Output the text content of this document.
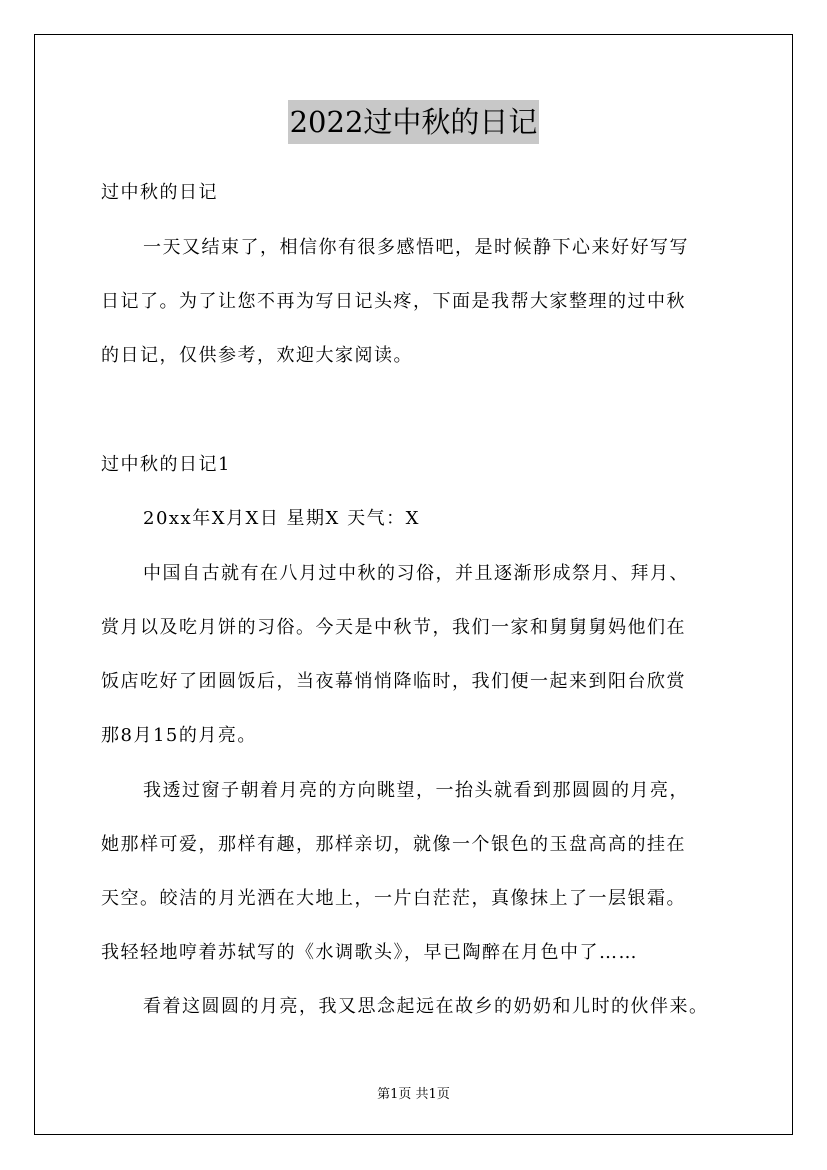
2022过中秋的日记

过中秋的日记

一天又结束了，相信你有很多感悟吧，是时候静下心来好好写写

日记了。为了让您不再为写日记头疼，下面是我帮大家整理的过中秋

的日记，仅供参考，欢迎大家阅读。

过中秋的日记1

20xx年X月X日 星期X 天气：X

中国自古就有在八月过中秋的习俗，并且逐渐形成祭月、拜月、

赏月以及吃月饼的习俗。今天是中秋节，我们一家和舅舅舅妈他们在

饭店吃好了团圆饭后，当夜幕悄悄降临时，我们便一起来到阳台欣赏

那8月15的月亮。

我透过窗子朝着月亮的方向眺望，一抬头就看到那圆圆的月亮，

她那样可爱，那样有趣，那样亲切，就像一个银色的玉盘高高的挂在

天空。皎洁的月光洒在大地上，一片白茫茫，真像抹上了一层银霜。

我轻轻地哼着苏轼写的《水调歌头》，早已陶醉在月色中了……

看着这圆圆的月亮，我又思念起远在故乡的奶奶和儿时的伙伴来。

第1页 共1页
